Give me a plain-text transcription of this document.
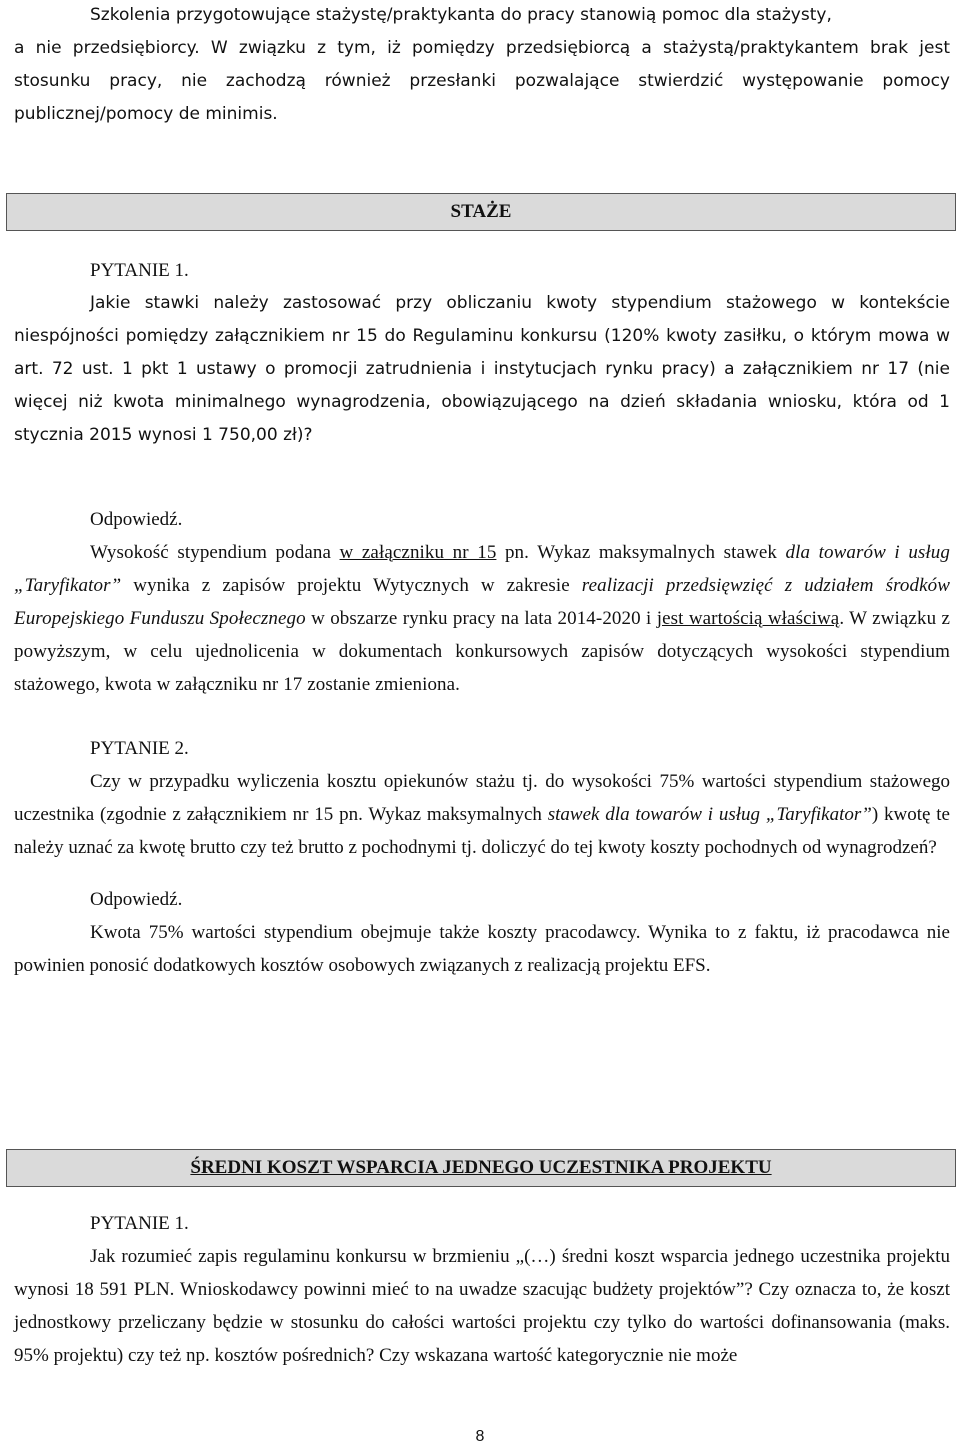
Szkolenia przygotowujące stażystę/praktykanta do pracy stanowią pomoc dla stażysty,

a nie przedsiębiorcy. W związku z tym, iż pomiędzy przedsiębiorcą a stażystą/praktykantem brak jest stosunku pracy, nie zachodzą również przesłanki pozwalające stwierdzić występowanie pomocy publicznej/pomocy de minimis.

STAŻE

PYTANIE 1.

Jakie stawki należy zastosować przy obliczaniu kwoty stypendium stażowego w kontekście niespójności pomiędzy załącznikiem nr 15 do Regulaminu konkursu (120% kwoty zasiłku, o którym mowa w art. 72 ust. 1 pkt 1 ustawy o promocji zatrudnienia i instytucjach rynku pracy) a załącznikiem nr 17 (nie więcej niż kwota minimalnego wynagrodzenia, obowiązującego na dzień składania wniosku, która od 1 stycznia 2015 wynosi 1 750,00 zł)?

Odpowiedź.

Wysokość stypendium podana w załączniku nr 15 pn. Wykaz maksymalnych stawek dla towarów i usług „Taryfikator” wynika z zapisów projektu Wytycznych w zakresie realizacji przedsięwzięć z udziałem środków Europejskiego Funduszu Społecznego w obszarze rynku pracy na lata 2014-2020 i jest wartością właściwą. W związku z powyższym, w celu ujednolicenia w dokumentach konkursowych zapisów dotyczących wysokości stypendium stażowego, kwota w załączniku nr 17 zostanie zmieniona.

PYTANIE 2.

Czy w przypadku wyliczenia kosztu opiekunów stażu tj. do wysokości 75% wartości stypendium stażowego uczestnika (zgodnie z załącznikiem nr 15 pn. Wykaz maksymalnych stawek dla towarów i usług „Taryfikator”) kwotę te należy uznać za kwotę brutto czy też brutto z pochodnymi tj. doliczyć do tej kwoty koszty pochodnych od wynagrodzeń?

Odpowiedź.

Kwota 75% wartości stypendium obejmuje także koszty pracodawcy. Wynika to z faktu, iż pracodawca nie powinien ponosić dodatkowych kosztów osobowych związanych z realizacją projektu EFS.

ŚREDNI KOSZT WSPARCIA JEDNEGO UCZESTNIKA PROJEKTU

PYTANIE 1.

Jak rozumieć zapis regulaminu konkursu w brzmieniu „(…) średni koszt wsparcia jednego uczestnika projektu wynosi 18 591 PLN. Wnioskodawcy powinni mieć to na uwadze szacując budżety projektów”? Czy oznacza to, że koszt jednostkowy przeliczany będzie w stosunku do całości wartości projektu czy tylko do wartości dofinansowania (maks. 95% projektu) czy też np. kosztów pośrednich? Czy wskazana wartość kategorycznie nie może

8
